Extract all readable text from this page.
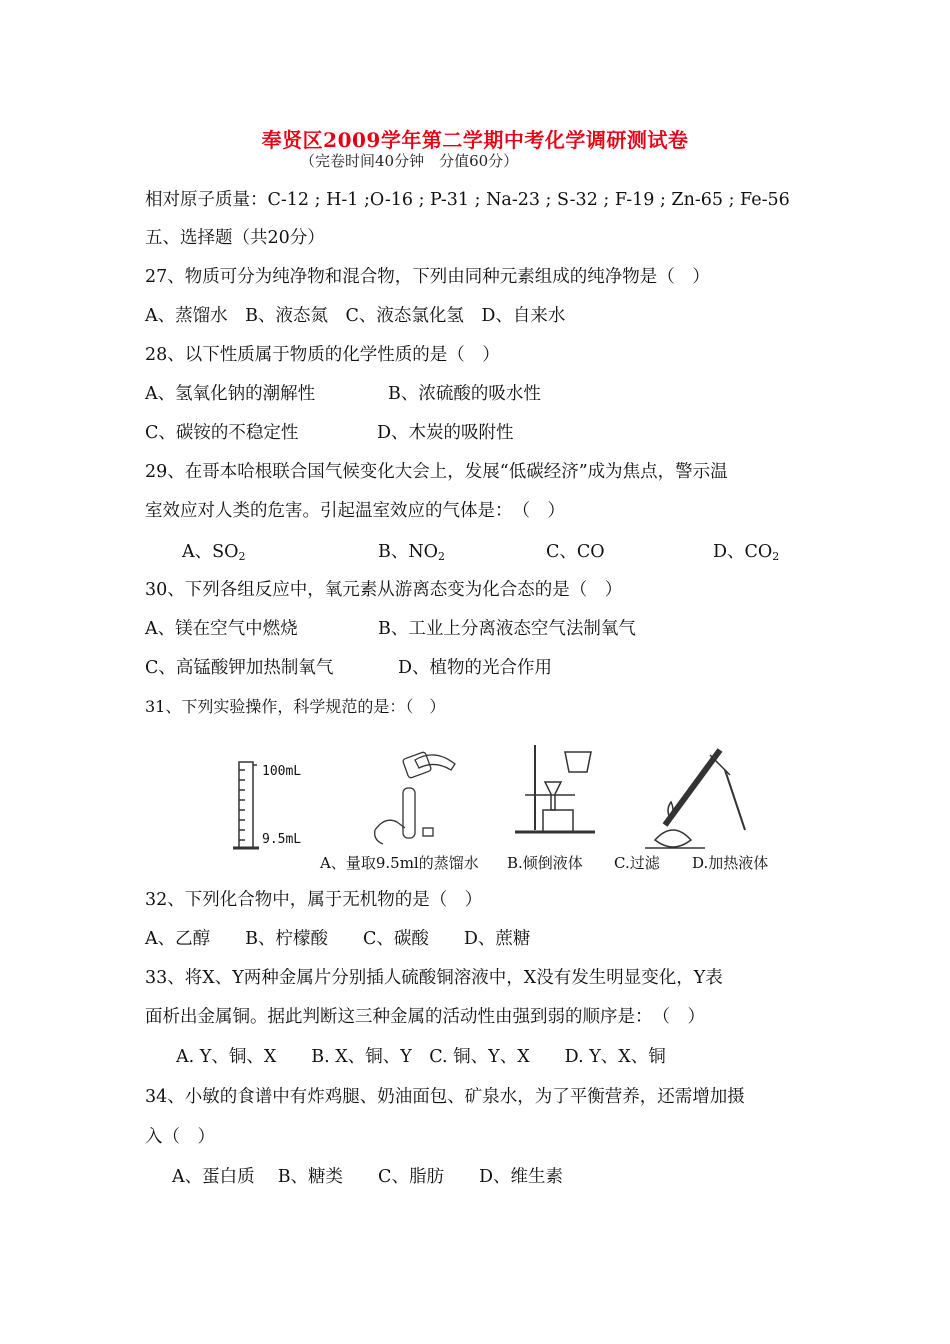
奉贤区2009学年第二学期中考化学调研测试卷
（完卷时间40分钟　分值60分）
相对原子质量：C-12 ; H-1 ;O-16 ; P-31 ; Na-23 ; S-32 ; F-19 ; Zn-65 ; Fe-56
五、选择题（共20分）
27、物质可分为纯净物和混合物，下列由同种元素组成的纯净物是（　）
A、蒸馏水　B、液态氮　C、液态氯化氢　D、自来水
28、以下性质属于物质的化学性质的是（　）
A、氢氧化钠的潮解性	B、浓硫酸的吸水性
C、碳铵的不稳定性	D、木炭的吸附性
29、在哥本哈根联合国气候变化大会上，发展“低碳经济”成为焦点，警示温
室效应对人类的危害。引起温室效应的气体是：　（　）
A、$SO_2$	B、$NO_2$	C、CO	D、$CO_2$
30、下列各组反应中，氧元素从游离态变为化合态的是（　）
A、镁在空气中燃烧	B、工业上分离液态空气法制氧气
C、高锰酸钾加热制氧气	D、植物的光合作用
31、下列实验操作，科学规范的是：（　）
100mL
9.5mL
A、量取9.5ml的蒸馏水 B.倾倒液体 C.过滤 D.加热液体
32、下列化合物中，属于无机物的是（　）
A、乙醇　　B、柠檬酸　　C、碳酸　　D、蔗糖
33、将X、Y两种金属片分别插人硫酸铜溶液中，X没有发生明显变化，Y表
面析出金属铜。据此判断这三种金属的活动性由强到弱的顺序是：　（　）
A. Y、铜、X　　B. X、铜、Y　C. 铜、Y、X　　D. Y、X、铜
34、小敏的食谱中有炸鸡腿、奶油面包、矿泉水，为了平衡营养，还需增加摄
入（　）
A、蛋白质　 B、糖类　　C、脂肪　　D、维生素
